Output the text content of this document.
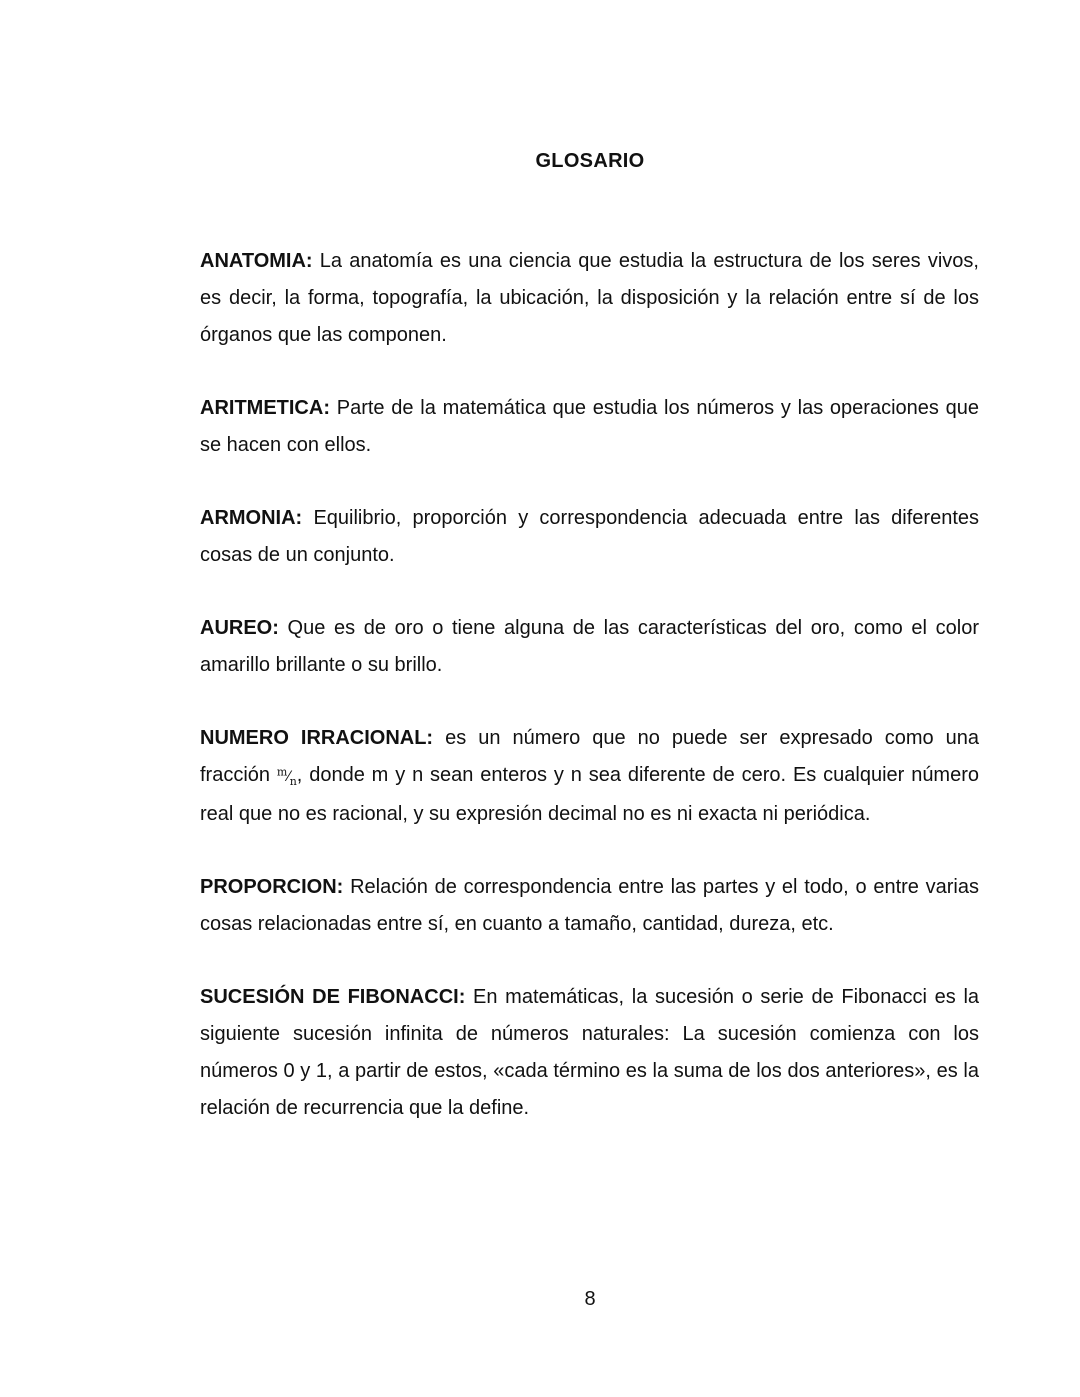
GLOSARIO

ANATOMIA: La anatomía es una ciencia que estudia la estructura de los seres vivos, es decir, la forma, topografía, la ubicación, la disposición y la relación entre sí de los órganos que las componen.

ARITMETICA: Parte de la matemática que estudia los números y las operaciones que se hacen con ellos.

ARMONIA: Equilibrio, proporción y correspondencia adecuada entre las diferentes cosas de un conjunto.

AUREO: Que es de oro o tiene alguna de las características del oro, como el color amarillo brillante o su brillo.

NUMERO IRRACIONAL: es un número que no puede ser expresado como una fracción $^m⁄_n$, donde m y n sean enteros y n sea diferente de cero. Es cualquier número real que no es racional, y su expresión decimal no es ni exacta ni periódica.

PROPORCION: Relación de correspondencia entre las partes y el todo, o entre varias cosas relacionadas entre sí, en cuanto a tamaño, cantidad, dureza, etc.

SUCESIÓN DE FIBONACCI: En matemáticas, la sucesión o serie de Fibonacci es la siguiente sucesión infinita de números naturales: La sucesión comienza con los números 0 y 1, a partir de estos, «cada término es la suma de los dos anteriores», es la relación de recurrencia que la define.

8
